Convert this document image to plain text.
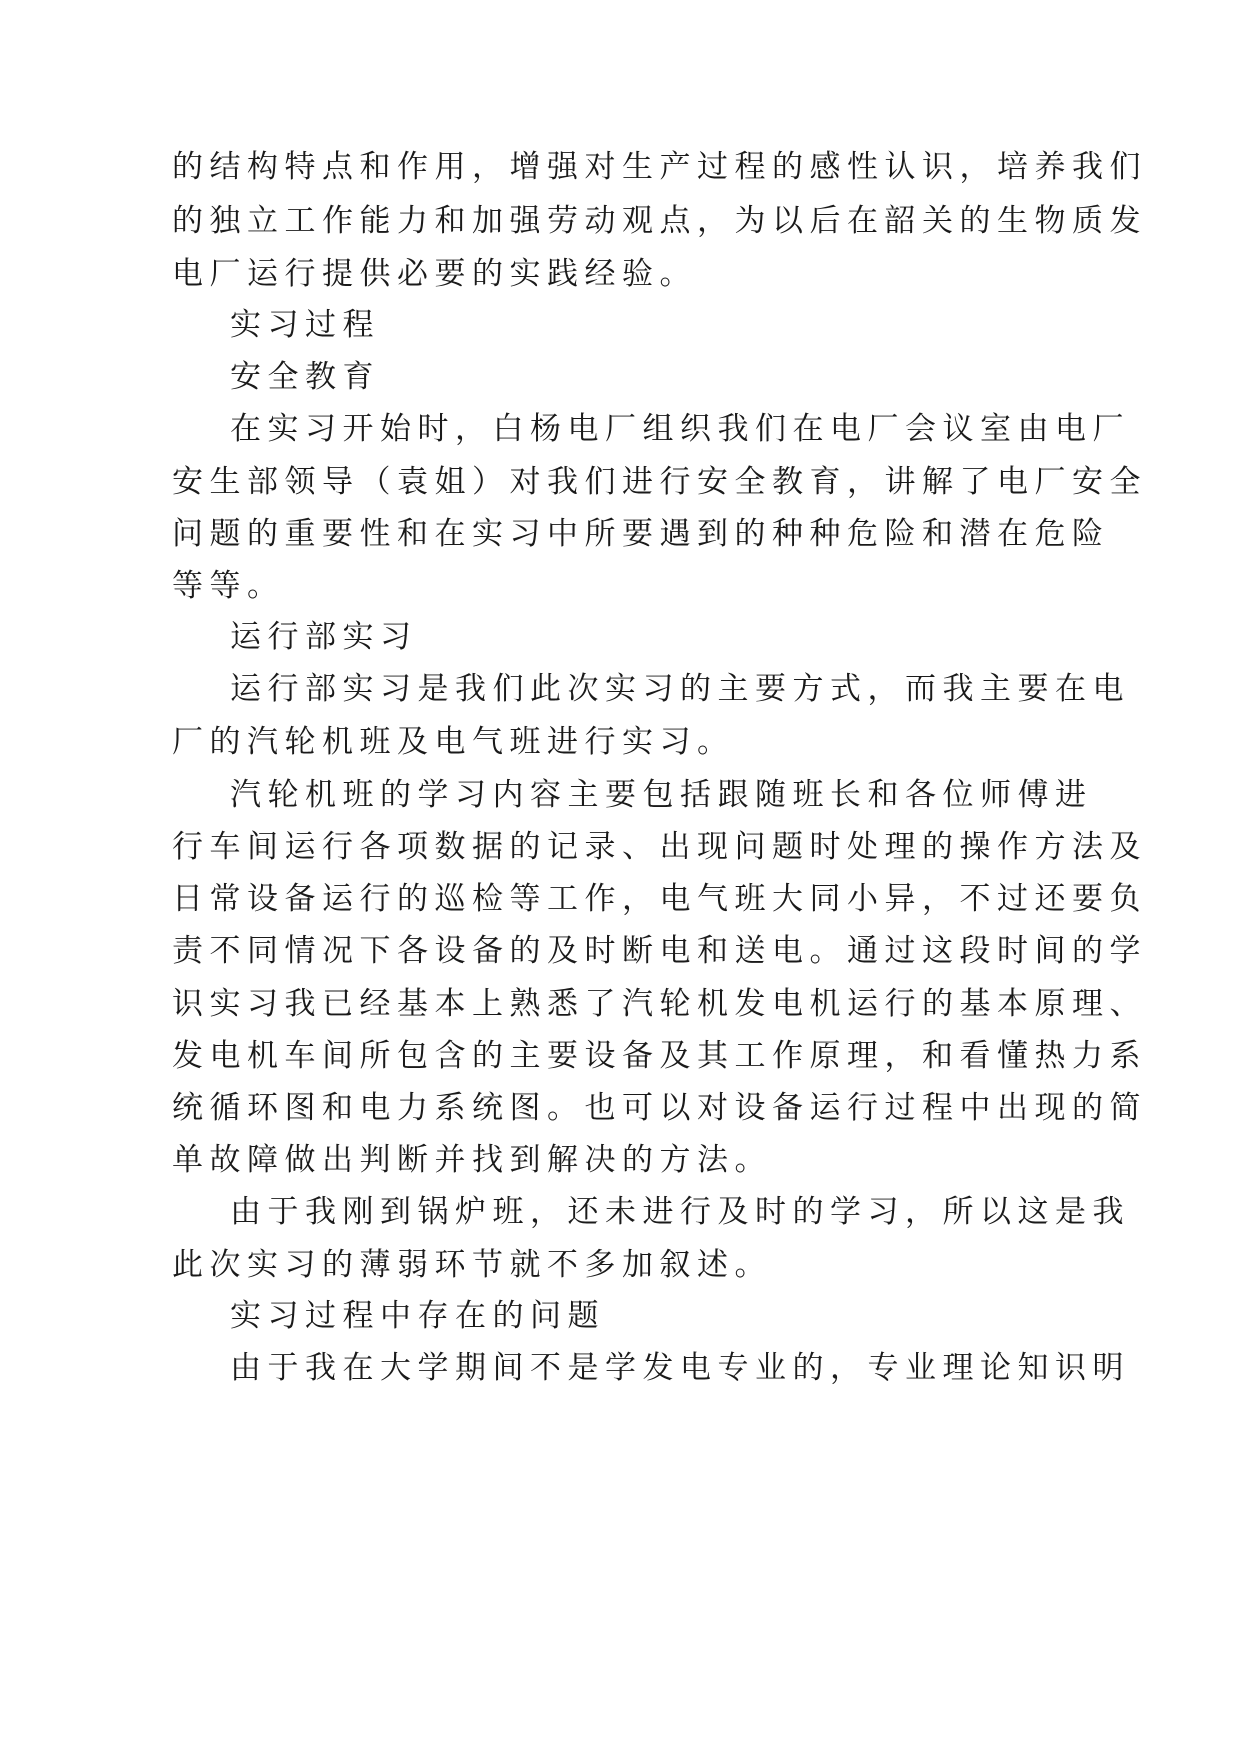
的结构特点和作用，增强对生产过程的感性认识，培养我们
的独立工作能力和加强劳动观点，为以后在韶关的生物质发
电厂运行提供必要的实践经验。
实习过程
安全教育
在实习开始时，白杨电厂组织我们在电厂会议室由电厂
安生部领导（袁姐）对我们进行安全教育，讲解了电厂安全
问题的重要性和在实习中所要遇到的种种危险和潜在危险
等等。
运行部实习
运行部实习是我们此次实习的主要方式，而我主要在电
厂的汽轮机班及电气班进行实习。
汽轮机班的学习内容主要包括跟随班长和各位师傅进
行车间运行各项数据的记录、出现问题时处理的操作方法及
日常设备运行的巡检等工作，电气班大同小异，不过还要负
责不同情况下各设备的及时断电和送电。通过这段时间的学
识实习我已经基本上熟悉了汽轮机发电机运行的基本原理、
发电机车间所包含的主要设备及其工作原理，和看懂热力系
统循环图和电力系统图。也可以对设备运行过程中出现的简
单故障做出判断并找到解决的方法。
由于我刚到锅炉班，还未进行及时的学习，所以这是我
此次实习的薄弱环节就不多加叙述。
实习过程中存在的问题
由于我在大学期间不是学发电专业的，专业理论知识明
